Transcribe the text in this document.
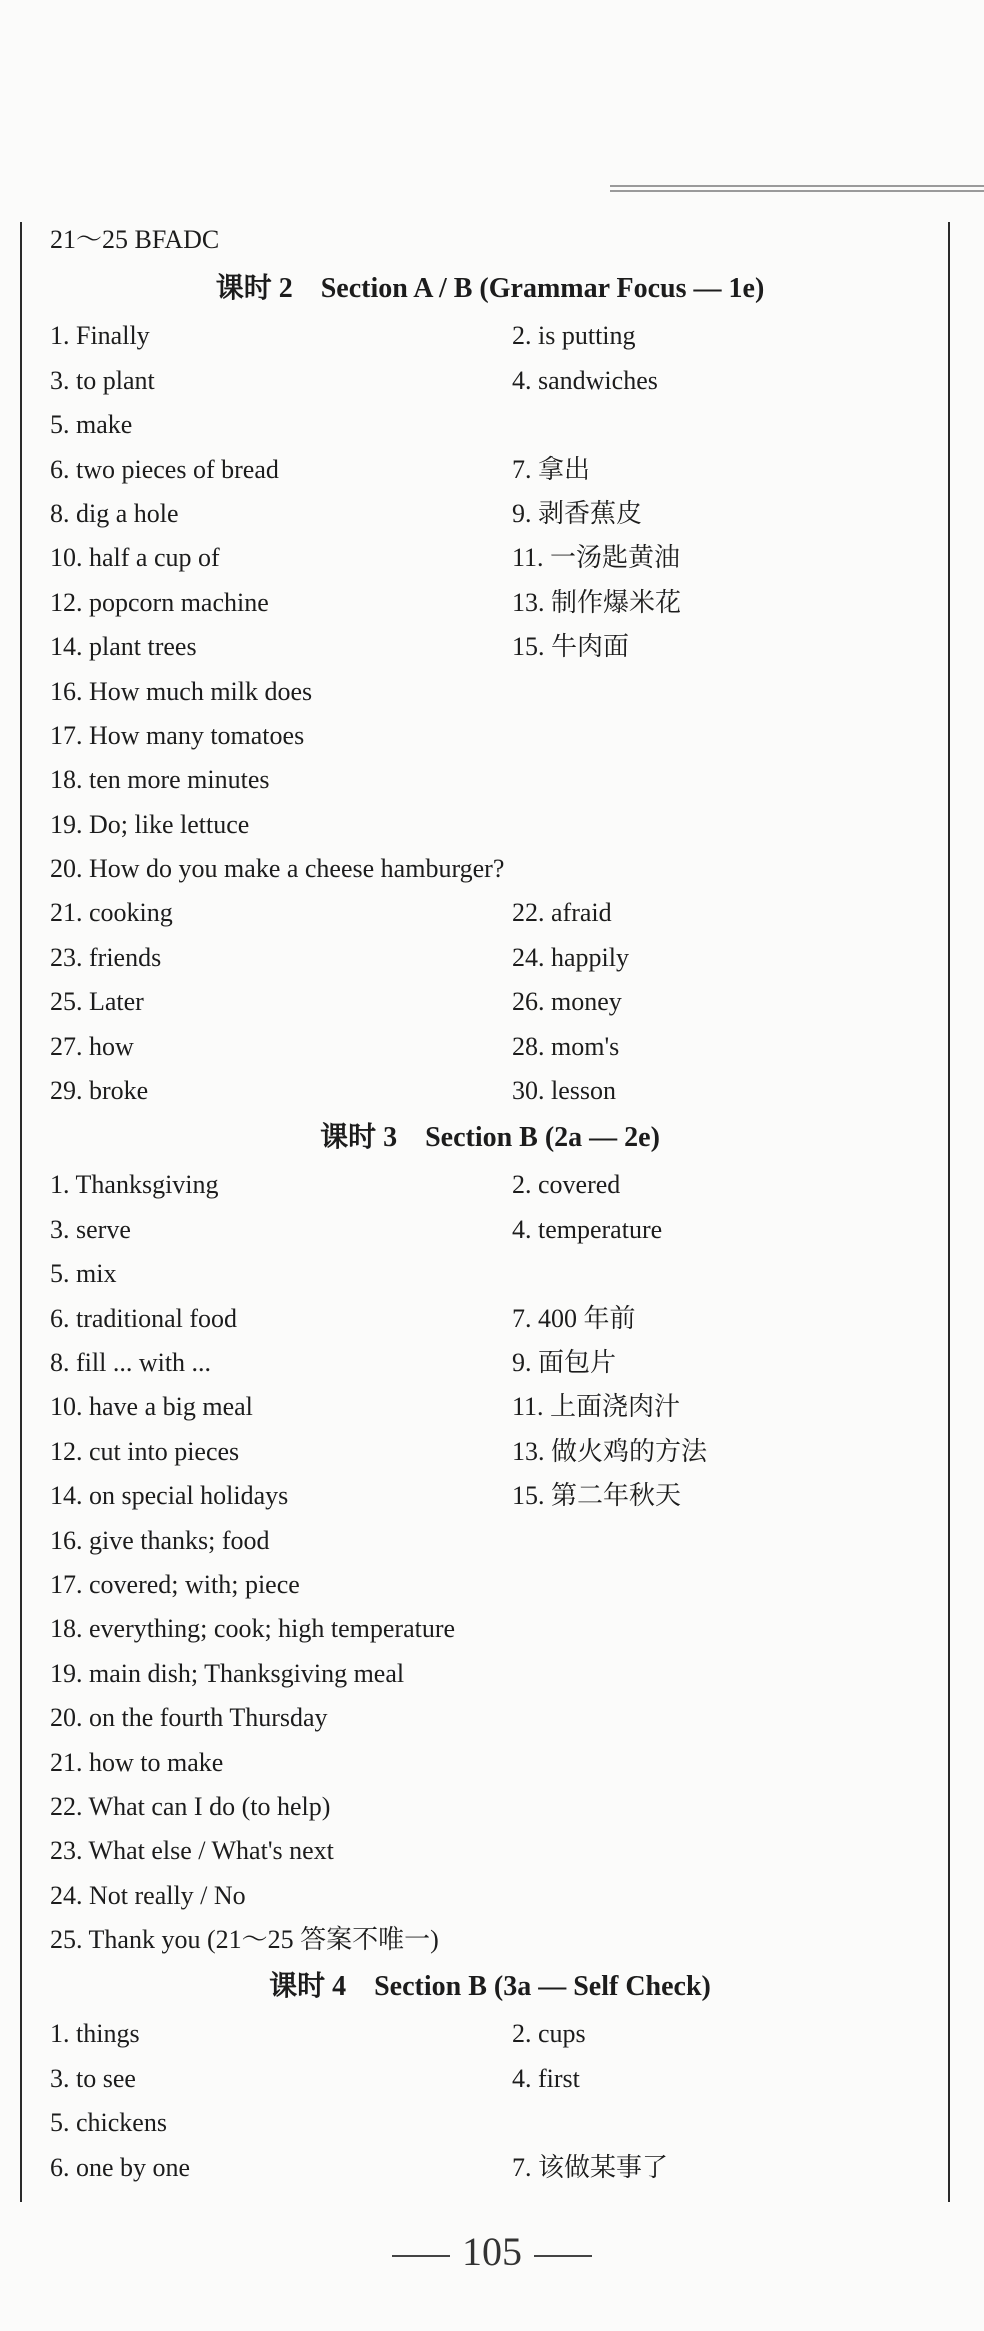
21～25 BFADC
课时 2　Section A / B (Grammar Focus — 1e)
1. Finally	2. is putting
3. to plant	4. sandwiches
5. make
6. two pieces of bread	7. 拿出
8. dig a hole	9. 剥香蕉皮
10. half a cup of	11. 一汤匙黄油
12. popcorn machine	13. 制作爆米花
14. plant trees	15. 牛肉面
16. How much milk does
17. How many tomatoes
18. ten more minutes
19. Do; like lettuce
20. How do you make a cheese hamburger?
21. cooking	22. afraid
23. friends	24. happily
25. Later	26. money
27. how	28. mom's
29. broke	30. lesson
课时 3　Section B (2a — 2e)
1. Thanksgiving	2. covered
3. serve	4. temperature
5. mix
6. traditional food	7. 400 年前
8. fill ... with ...	9. 面包片
10. have a big meal	11. 上面浇肉汁
12. cut into pieces	13. 做火鸡的方法
14. on special holidays	15. 第二年秋天
16. give thanks; food
17. covered; with; piece
18. everything; cook; high temperature
19. main dish; Thanksgiving meal
20. on the fourth Thursday
21. how to make
22. What can I do (to help)
23. What else / What's next
24. Not really / No
25. Thank you (21～25 答案不唯一)
课时 4　Section B (3a — Self Check)
1. things	2. cups
3. to see	4. first
5. chickens
6. one by one	7. 该做某事了
105
